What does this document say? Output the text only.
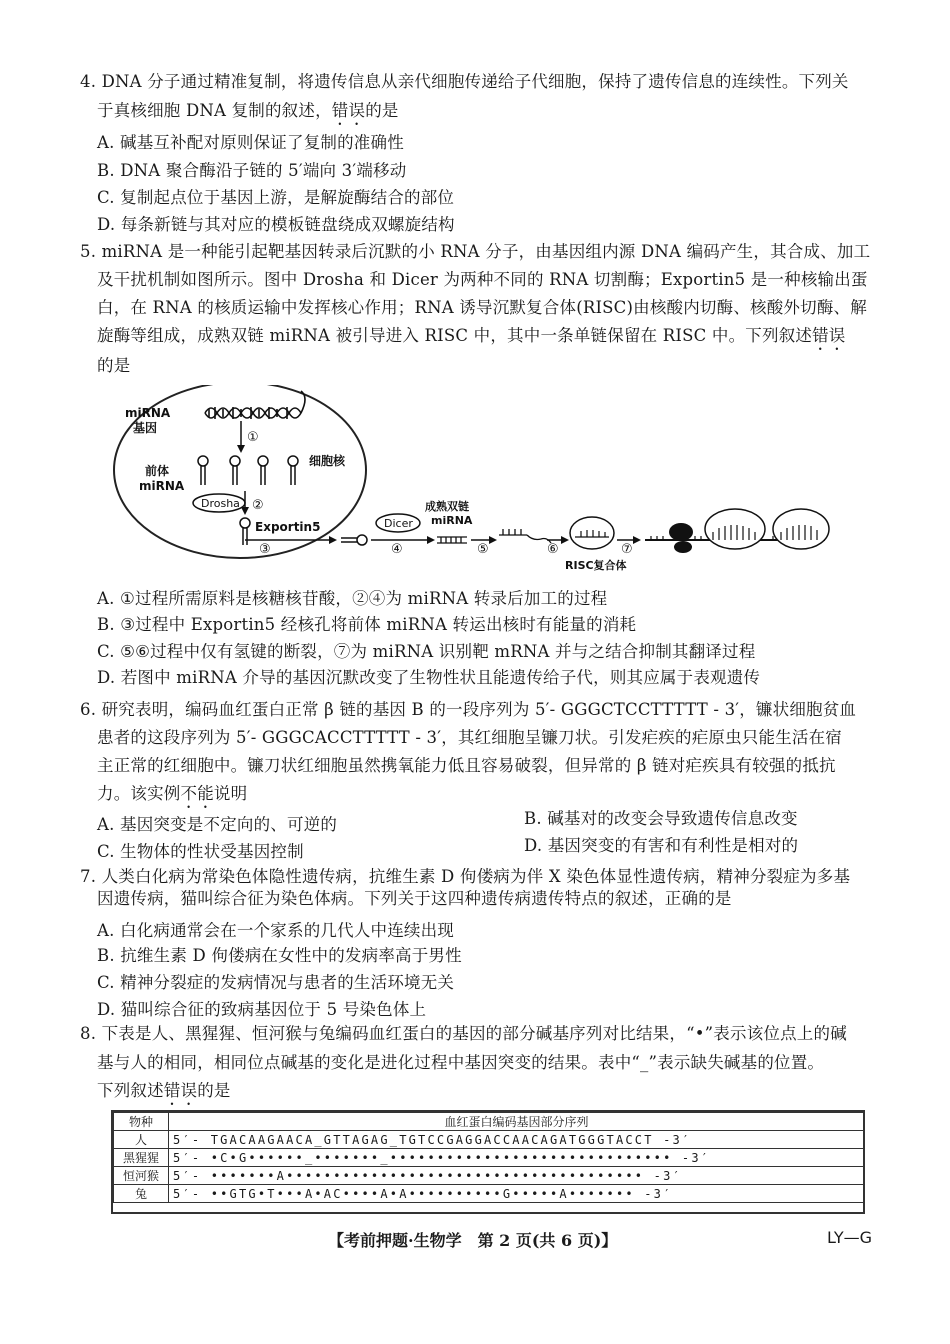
4. DNA 分子通过精准复制，将遗传信息从亲代细胞传递给子代细胞，保持了遗传信息的连续性。下列关
于真核细胞 DNA 复制的叙述，错误的是
A. 碱基互补配对原则保证了复制的准确性
B. DNA 聚合酶沿子链的 5′端向 3′端移动
C. 复制起点位于基因上游，是解旋酶结合的部位
D. 每条新链与其对应的模板链盘绕成双螺旋结构
5. miRNA 是一种能引起靶基因转录后沉默的小 RNA 分子，由基因组内源 DNA 编码产生，其合成、加工
及干扰机制如图所示。图中 Drosha 和 Dicer 为两种不同的 RNA 切割酶；Exportin5 是一种核输出蛋
白，在 RNA 的核质运输中发挥核心作用；RNA 诱导沉默复合体(RISC)由核酸内切酶、核酸外切酶、解
旋酶等组成，成熟双链 miRNA 被引导进入 RISC 中，其中一条单链保留在 RISC 中。下列叙述错误
的是
miRNA
基因
①
细胞核
前体
miRNA
Drosha ②
Exportin5
③
Dicer
④
成熟双链
miRNA
⑤	⑥
RISC复合体
⑦
A. ①过程所需原料是核糖核苷酸，②④为 miRNA 转录后加工的过程
B. ③过程中 Exportin5 经核孔将前体 miRNA 转运出核时有能量的消耗
C. ⑤⑥过程中仅有氢键的断裂，⑦为 miRNA 识别靶 mRNA 并与之结合抑制其翻译过程
D. 若图中 miRNA 介导的基因沉默改变了生物性状且能遗传给子代，则其应属于表观遗传
6. 研究表明，编码血红蛋白正常 β 链的基因 B 的一段序列为 5′- GGGCTCCTTTTT - 3′，镰状细胞贫血
患者的这段序列为 5′- GGGCACCTTTTT - 3′，其红细胞呈镰刀状。引发疟疾的疟原虫只能生活在宿
主正常的红细胞中。镰刀状红细胞虽然携氧能力低且容易破裂，但异常的 β 链对疟疾具有较强的抵抗
力。该实例不能说明
A. 基因突变是不定向的、可逆的	B. 碱基对的改变会导致遗传信息改变
C. 生物体的性状受基因控制	D. 基因突变的有害和有利性是相对的
7. 人类白化病为常染色体隐性遗传病，抗维生素 D 佝偻病为伴 X 染色体显性遗传病，精神分裂症为多基
因遗传病，猫叫综合征为染色体病。下列关于这四种遗传病遗传特点的叙述，正确的是
A. 白化病通常会在一个家系的几代人中连续出现
B. 抗维生素 D 佝偻病在女性中的发病率高于男性
C. 精神分裂症的发病情况与患者的生活环境无关
D. 猫叫综合征的致病基因位于 5 号染色体上
8. 下表是人、黑猩猩、恒河猴与兔编码血红蛋白的基因的部分碱基序列对比结果，“•”表示该位点上的碱
基与人的相同，相同位点碱基的变化是进化过程中基因突变的结果。表中“_”表示缺失碱基的位置。
下列叙述错误的是
物种	血红蛋白编码基因部分序列
人	5′- TGACAAGAACA_GTTAGAG_TGTCCGAGGACCAACAGATGGGTACCT -3′
黑猩猩	5′- •C•G••••••_•••••••_•••••••••••••••••••••••••••••• -3′
恒河猴	5′- •••••••A•••••••••••••••••••••••••••••••••••••• -3′
兔	5′- ••GTG•T•••A•AC••••A•A••••••••••G•••••A••••••• -3′
【考前押题·生物学　第 2 页(共 6 页)】	LY—G
